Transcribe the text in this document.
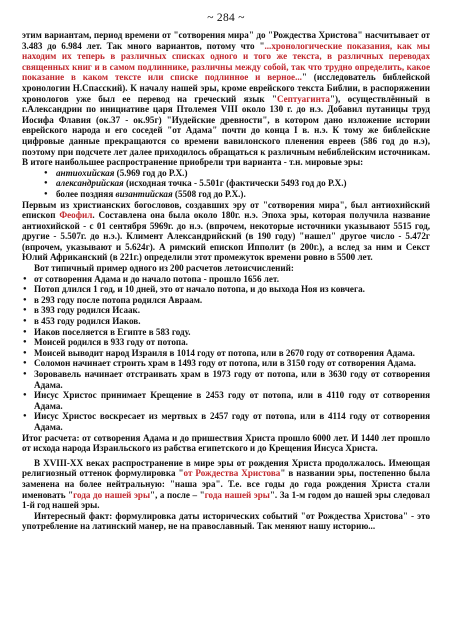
~ 284 ~

этим вариантам, период времени от "сотворения мира" до "Рождества Христова" насчитывает от 3.483 до 6.984 лет. Так много вариантов, потому что "...хронологические показания, как мы находим их теперь в различных списках одного и того же текста, в различных переводах священных книг и в самом подлиннике, различны между собой, так что трудно определить, какое показание в каком тексте или списке подлинное и верное..." (исследователь библейской хронологии Н.Спасский). К началу нашей эры, кроме еврейского текста Библии, в распоряжении хронологов уже был ее перевод на греческий язык "Септуагинта"), осуществлённый в г.Александрии по инициативе царя Птолемея VIII около 130 г. до н.э. Добавил путаницы труд Иосифа Флавия (ок.37 - ок.95г) "Иудейские древности", в котором дано изложение истории еврейского народа и его соседей "от Адама" почти до конца I в. н.э. К тому же библейские цифровые данные прекращаются со времени вавилонского пленения евреев (586 год до н.э), поэтому при подсчете лет далее приходилось обращаться к различным небиблейским источникам. В итоге наибольшее распространение приобрели три варианта - т.н. мировые эры:

● антиохийская (5.969 год до Р.Х.)
● александрийская (исходная точка - 5.501г (фактически 5493 год до Р.Х.)
● более поздняя византийская (5508 год до Р.Х.).

Первым из христианских богословов, создавших эру от "сотворения мира", был антиохийский епископ Феофил. Составлена она была около 180г. н.э. Эпоха эры, которая получила название антиохийской - с 01 сентября 5969г. до н.э. (впрочем, некоторые источники указывают 5515 год, другие - 5.507г. до н.э.). Климент Александрийский (в 190 году) "нашел" другое число - 5.472г (впрочем, указывают и 5.624г). А римский епископ Ипполит (в 200г.), а вслед за ним и Секст Юлий Африканский (в 221г.) определили этот промежуток времени ровно в 5500 лет.

Вот типичный пример одного из 200 расчетов летоисчислений:

● от сотворения Адама и до начало потопа - прошло 1656 лет.
● Потоп длился 1 год, и 10 дней, это от начало потопа, и до выхода Ноя из ковчега.
● в 293 году после потопа родился Авраам.
● в 393 году родился Исаак.
● в 453 году родился Иаков.
● Иаков поселяется в Египте в 583 году.
● Моисей родился в 933 году от потопа.
● Моисей выводит народ Израиля в 1014 году от потопа, или в 2670 году от сотворения Адама.
● Соломон начинает строить храм в 1493 году от потопа, или в 3150 году от сотворения Адама.
● Зоровавель начинает отстраивать храм в 1973 году от потопа, или в 3630 году от сотворения Адама.
● Иисус Христос принимает Крещение в 2453 году от потопа, или в 4110 году от сотворения Адама.
● Иисус Христос воскресает из мертвых в 2457 году от потопа, или в 4114 году от сотворения Адама.

Итог расчета: от сотворения Адама и до пришествия Христа прошло 6000 лет. И 1440 лет прошло от исхода народа Израильского из рабства египетского и до Крещения Иисуса Христа.

В XVIII-XX веках распространение в мире эры от рождения Христа продолжалось. Имеющая религиозный оттенок формулировка "от Рождества Христова" в названии эры, постепенно была заменена на более нейтральную: "наша эра". Т.е. все годы до года рождения Христа стали именовать "года до нашей эры", а после – "года нашей эры". За 1-м годом до нашей эры следовал 1-й год нашей эры.

Интересный факт: формулировка даты исторических событий "от Рождества Христова" - это употребление на латинский манер, не на православный. Так меняют нашу историю...
